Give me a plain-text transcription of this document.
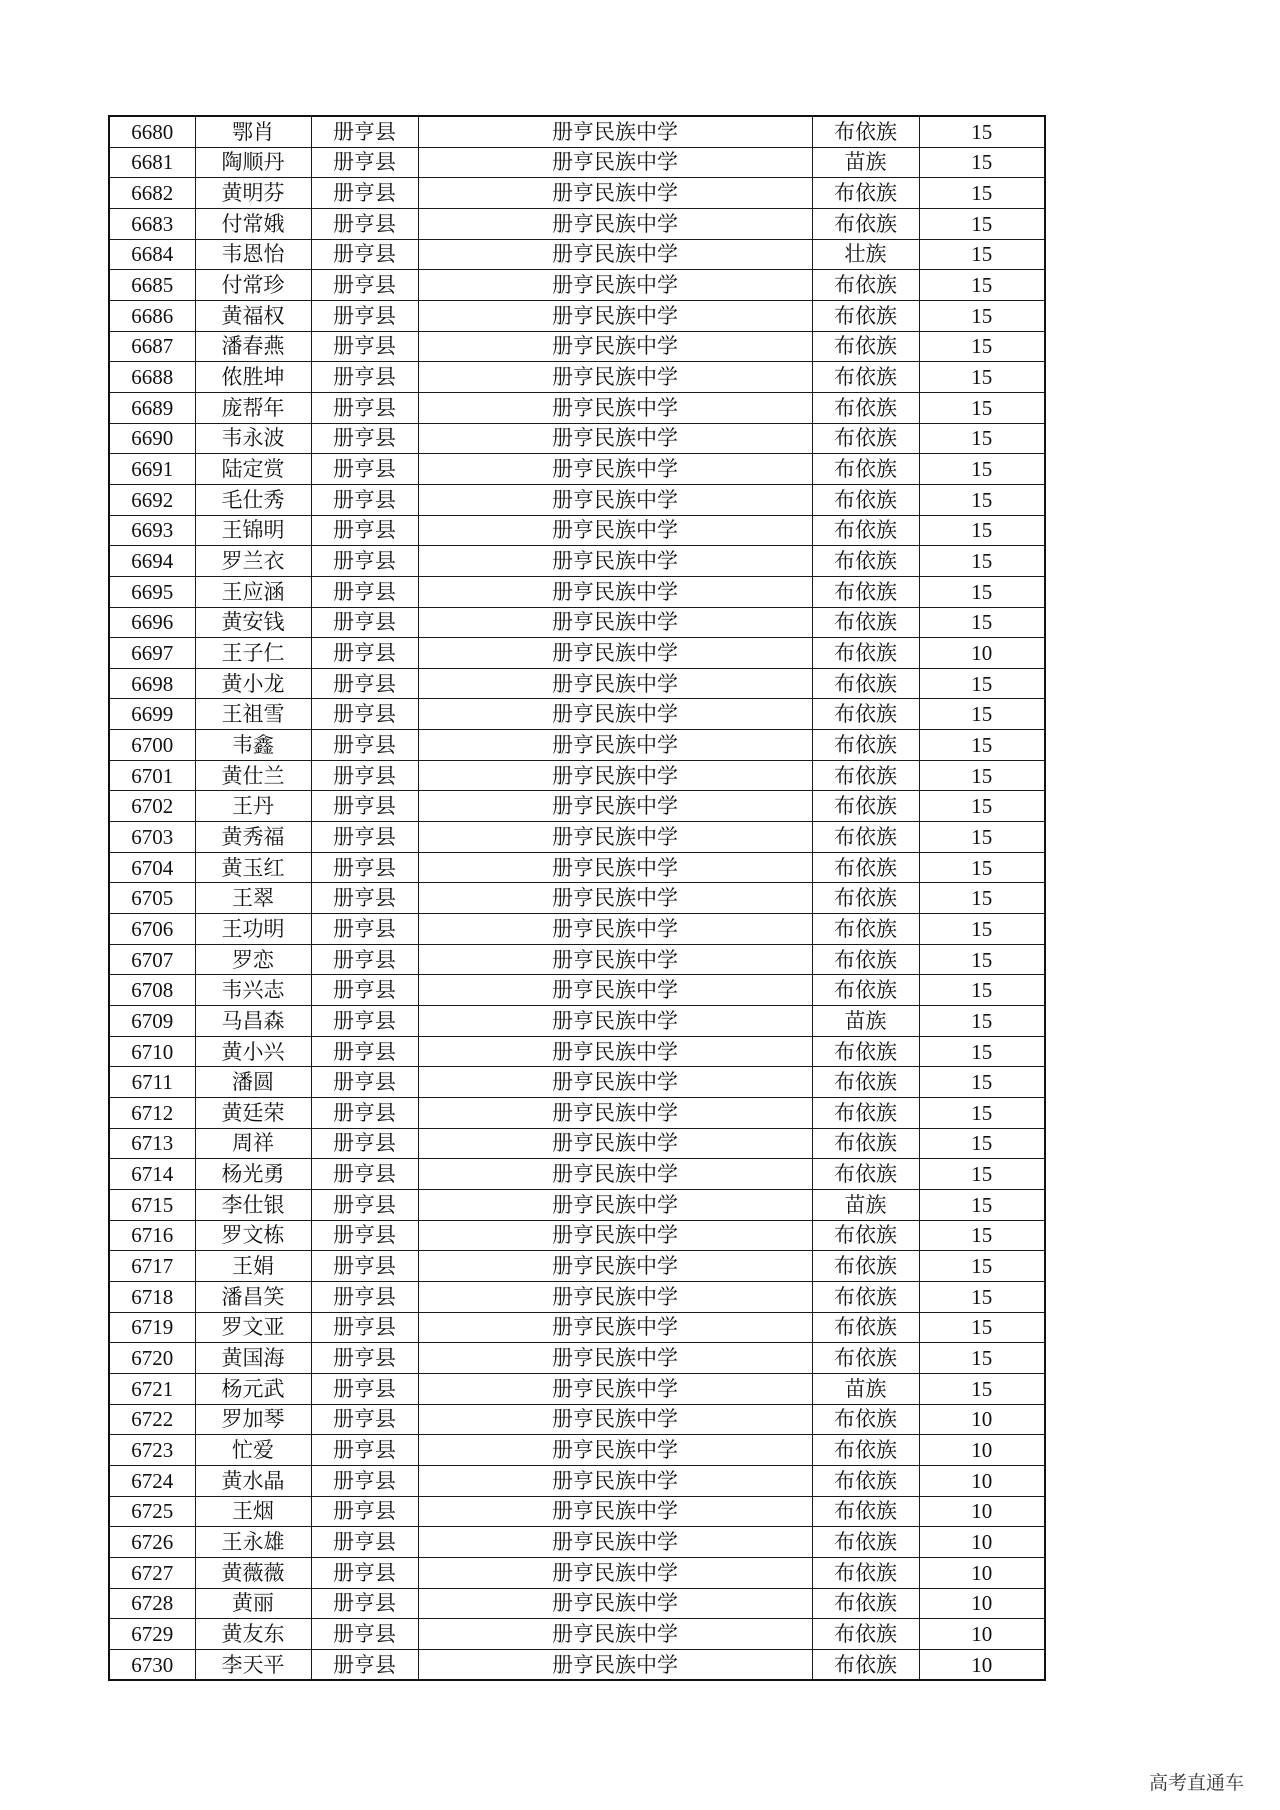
6680	鄂肖	册亨县	册亨民族中学	布依族	15
6681	陶顺丹	册亨县	册亨民族中学	苗族	15
6682	黄明芬	册亨县	册亨民族中学	布依族	15
6683	付常娥	册亨县	册亨民族中学	布依族	15
6684	韦恩怡	册亨县	册亨民族中学	壮族	15
6685	付常珍	册亨县	册亨民族中学	布依族	15
6686	黄福权	册亨县	册亨民族中学	布依族	15
6687	潘春燕	册亨县	册亨民族中学	布依族	15
6688	侬胜坤	册亨县	册亨民族中学	布依族	15
6689	庞帮年	册亨县	册亨民族中学	布依族	15
6690	韦永波	册亨县	册亨民族中学	布依族	15
6691	陆定赏	册亨县	册亨民族中学	布依族	15
6692	毛仕秀	册亨县	册亨民族中学	布依族	15
6693	王锦明	册亨县	册亨民族中学	布依族	15
6694	罗兰衣	册亨县	册亨民族中学	布依族	15
6695	王应涵	册亨县	册亨民族中学	布依族	15
6696	黄安钱	册亨县	册亨民族中学	布依族	15
6697	王子仁	册亨县	册亨民族中学	布依族	10
6698	黄小龙	册亨县	册亨民族中学	布依族	15
6699	王祖雪	册亨县	册亨民族中学	布依族	15
6700	韦鑫	册亨县	册亨民族中学	布依族	15
6701	黄仕兰	册亨县	册亨民族中学	布依族	15
6702	王丹	册亨县	册亨民族中学	布依族	15
6703	黄秀福	册亨县	册亨民族中学	布依族	15
6704	黄玉红	册亨县	册亨民族中学	布依族	15
6705	王翠	册亨县	册亨民族中学	布依族	15
6706	王功明	册亨县	册亨民族中学	布依族	15
6707	罗恋	册亨县	册亨民族中学	布依族	15
6708	韦兴志	册亨县	册亨民族中学	布依族	15
6709	马昌森	册亨县	册亨民族中学	苗族	15
6710	黄小兴	册亨县	册亨民族中学	布依族	15
6711	潘圆	册亨县	册亨民族中学	布依族	15
6712	黄廷荣	册亨县	册亨民族中学	布依族	15
6713	周祥	册亨县	册亨民族中学	布依族	15
6714	杨光勇	册亨县	册亨民族中学	布依族	15
6715	李仕银	册亨县	册亨民族中学	苗族	15
6716	罗文栋	册亨县	册亨民族中学	布依族	15
6717	王娟	册亨县	册亨民族中学	布依族	15
6718	潘昌笑	册亨县	册亨民族中学	布依族	15
6719	罗文亚	册亨县	册亨民族中学	布依族	15
6720	黄国海	册亨县	册亨民族中学	布依族	15
6721	杨元武	册亨县	册亨民族中学	苗族	15
6722	罗加琴	册亨县	册亨民族中学	布依族	10
6723	忙爱	册亨县	册亨民族中学	布依族	10
6724	黄水晶	册亨县	册亨民族中学	布依族	10
6725	王烟	册亨县	册亨民族中学	布依族	10
6726	王永雄	册亨县	册亨民族中学	布依族	10
6727	黄薇薇	册亨县	册亨民族中学	布依族	10
6728	黄丽	册亨县	册亨民族中学	布依族	10
6729	黄友东	册亨县	册亨民族中学	布依族	10
6730	李天平	册亨县	册亨民族中学	布依族	10
高考直通车
